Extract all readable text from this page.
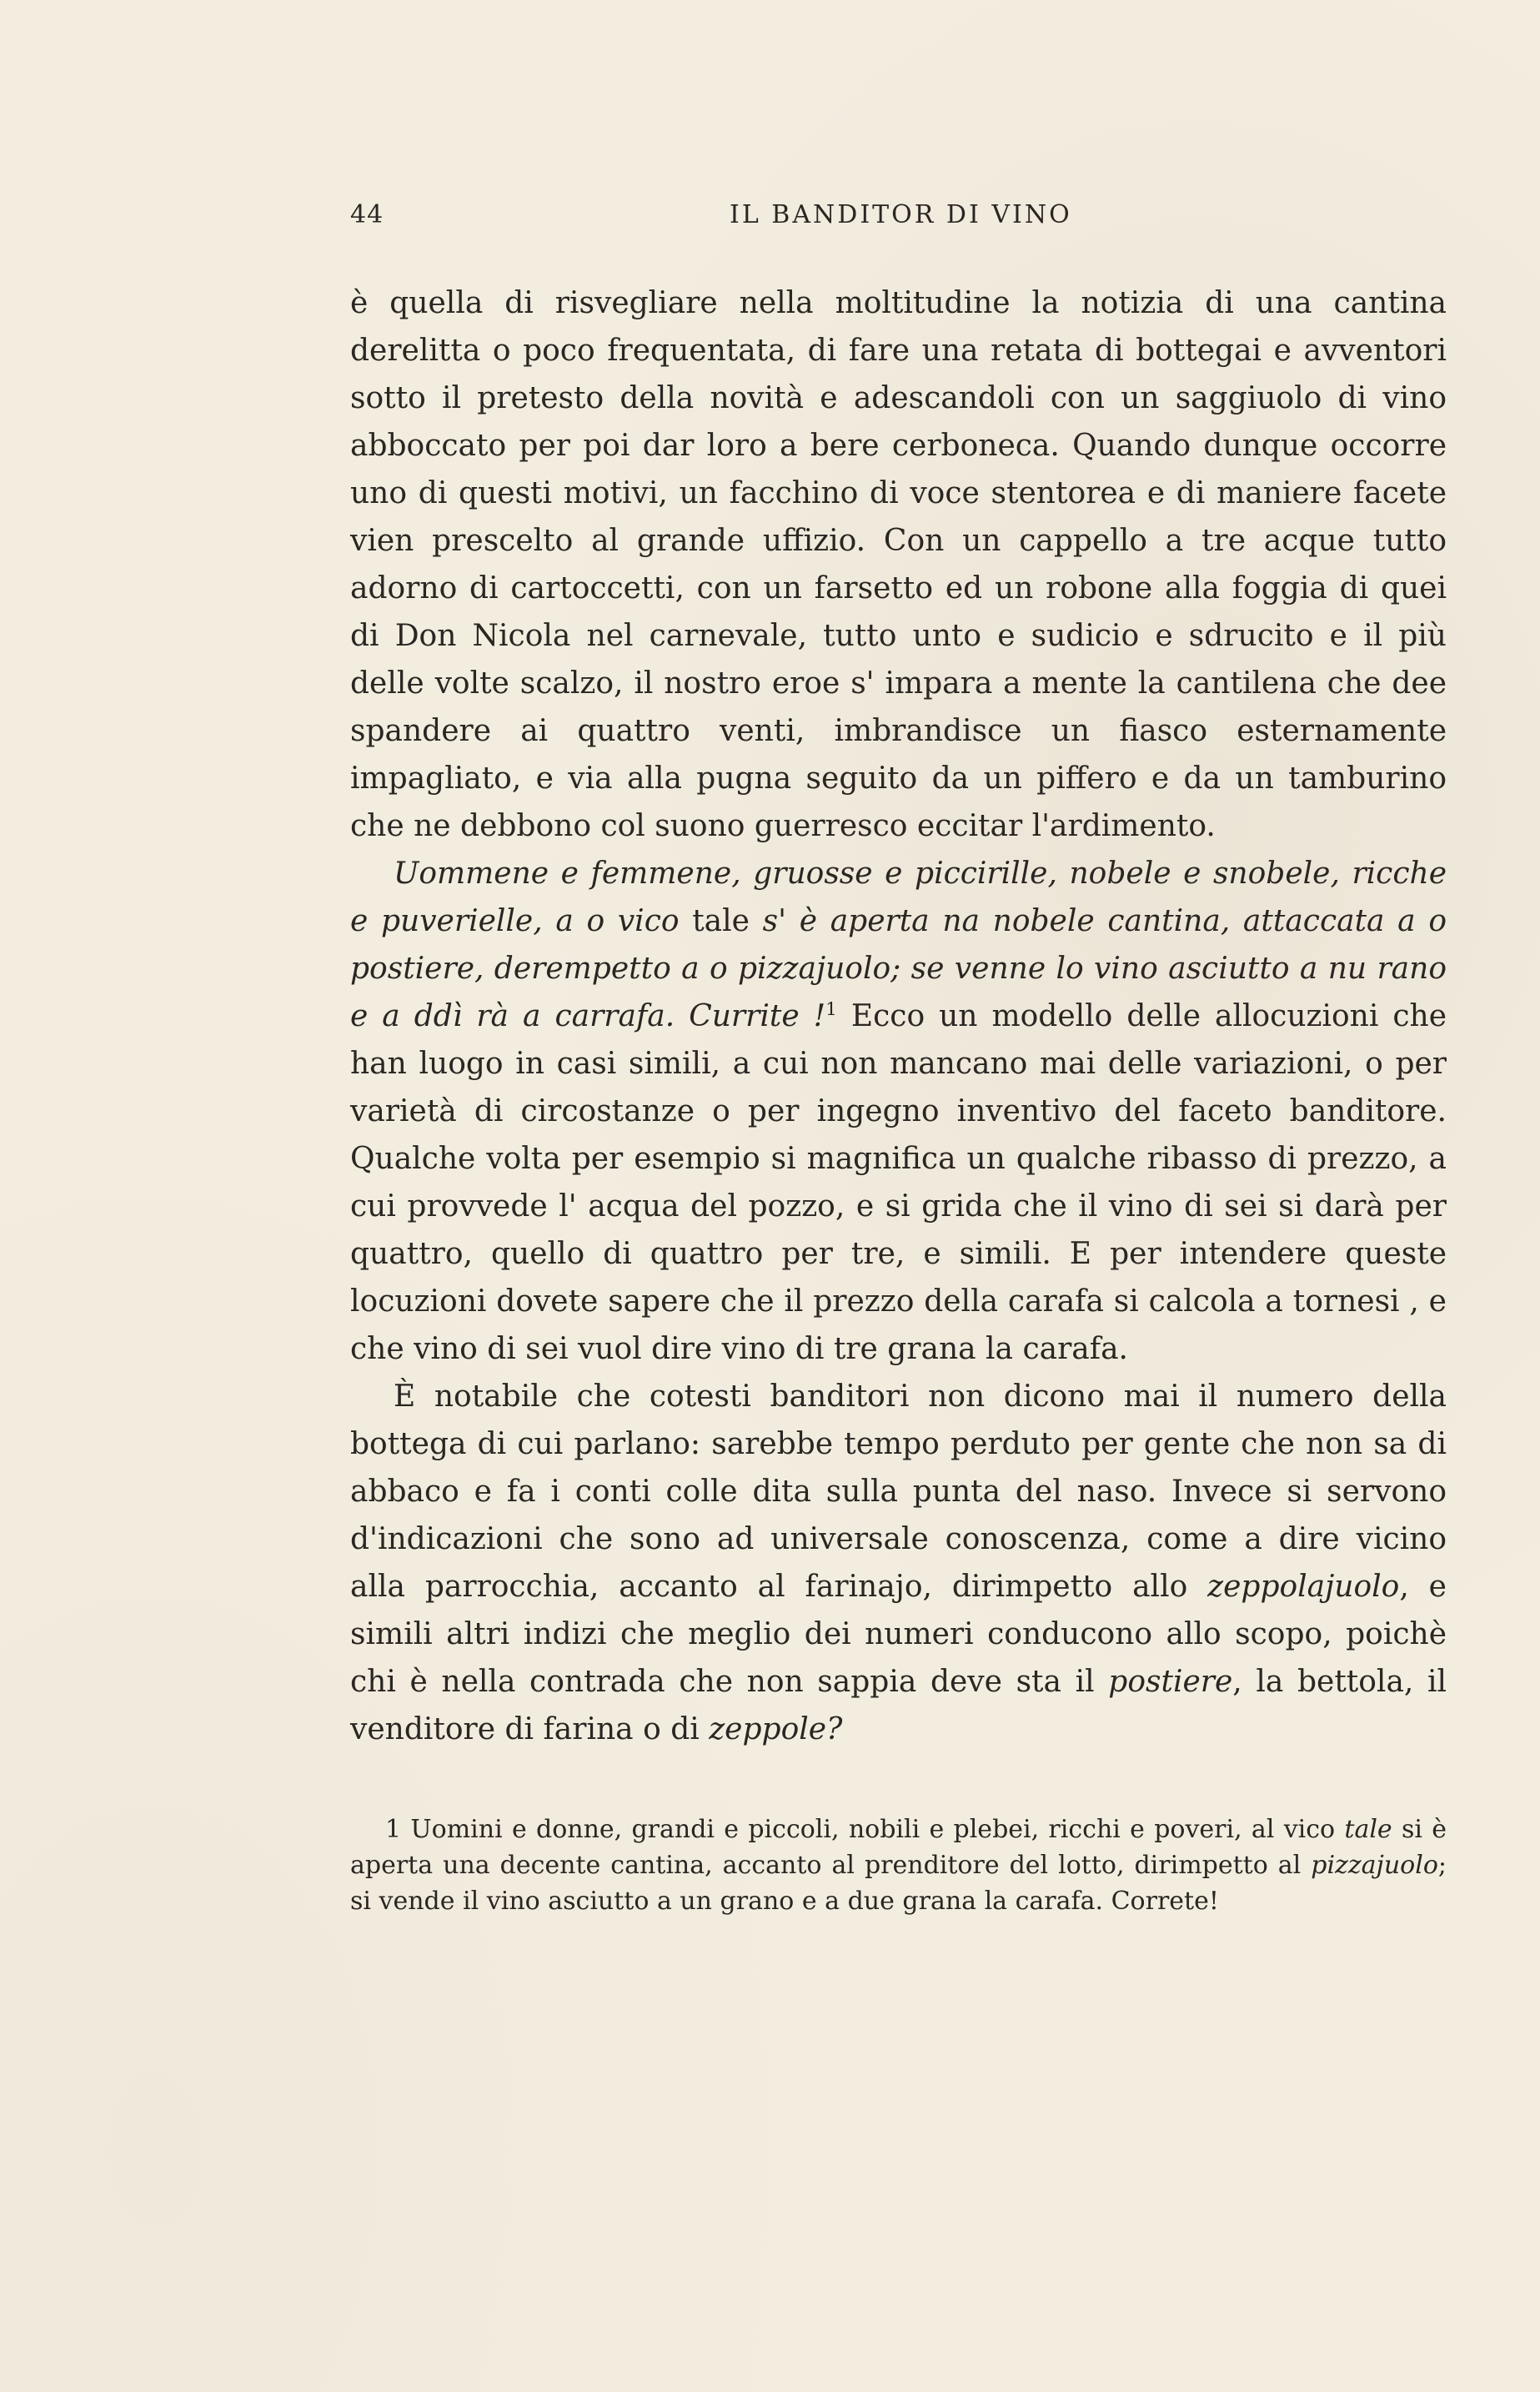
44	IL BANDITOR DI VINO

è quella di risvegliare nella moltitudine la notizia di una cantina derelitta o poco frequentata, di fare una retata di bottegai e avventori sotto il pretesto della novità e adescandoli con un saggiuolo di vino abboccato per poi dar loro a bere cerboneca. Quando dunque occorre uno di questi motivi, un facchino di voce stentorea e di maniere facete vien prescelto al grande uffizio. Con un cappello a tre acque tutto adorno di cartoccetti, con un farsetto ed un robone alla foggia di quei di Don Nicola nel carnevale, tutto unto e sudicio e sdrucito e il più delle volte scalzo, il nostro eroe s' impara a mente la cantilena che dee spandere ai quattro venti, imbrandisce un fiasco esternamente impagliato, e via alla pugna seguito da un piffero e da un tamburino che ne debbono col suono guerresco eccitar l'ardimento.

Uommene e femmene, gruosse e piccirille, nobele e snobele, ricche e puverielle, a o vico tale s' è aperta na nobele cantina, attaccata a o postiere, derempetto a o pizzajuolo; se venne lo vino asciutto a nu rano e a ddì rà a carrafa. Currite !$^1$ Ecco un modello delle allocuzioni che han luogo in casi simili, a cui non mancano mai delle variazioni, o per varietà di circostanze o per ingegno inventivo del faceto banditore. Qualche volta per esempio si magnifica un qualche ribasso di prezzo, a cui provvede l' acqua del pozzo, e si grida che il vino di sei si darà per quattro, quello di quattro per tre, e simili. E per intendere queste locuzioni dovete sapere che il prezzo della carafa si calcola a tornesi , e che vino di sei vuol dire vino di tre grana la carafa.

È notabile che cotesti banditori non dicono mai il numero della bottega di cui parlano: sarebbe tempo perduto per gente che non sa di abbaco e fa i conti colle dita sulla punta del naso. Invece si servono d'indicazioni che sono ad universale conoscenza, come a dire vicino alla parrocchia, accanto al farinajo, dirimpetto allo zeppolajuolo, e simili altri indizi che meglio dei numeri conducono allo scopo, poichè chi è nella contrada che non sappia deve sta il postiere, la bettola, il venditore di farina o di zeppole?

1 Uomini e donne, grandi e piccoli, nobili e plebei, ricchi e poveri, al vico tale si è aperta una decente cantina, accanto al prenditore del lotto, dirimpetto al pizzajuolo; si vende il vino asciutto a un grano e a due grana la carafa. Correte!
